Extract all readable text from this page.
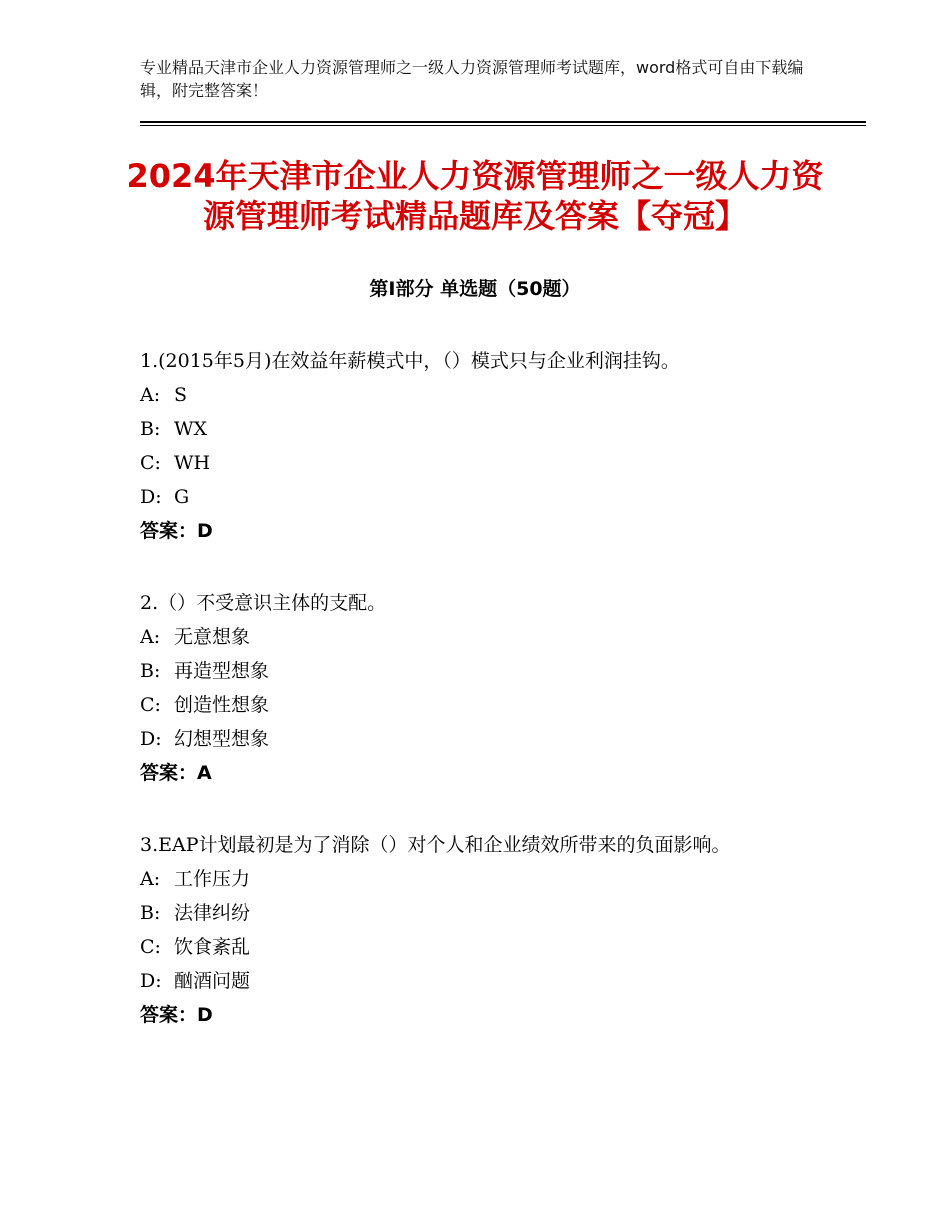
专业精品天津市企业人力资源管理师之一级人力资源管理师考试题库，word格式可自由下载编辑，附完整答案！
2024年天津市企业人力资源管理师之一级人力资源管理师考试精品题库及答案【夺冠】
第Ⅰ部分 单选题（50题）
1.(2015年5月)在效益年薪模式中，（）模式只与企业利润挂钩。
A: S
B: WX
C: WH
D: G
答案：D
2.（）不受意识主体的支配。
A: 无意想象
B: 再造型想象
C: 创造性想象
D: 幻想型想象
答案：A
3.EAP计划最初是为了消除（）对个人和企业绩效所带来的负面影响。
A: 工作压力
B: 法律纠纷
C: 饮食紊乱
D: 酗酒问题
答案：D
